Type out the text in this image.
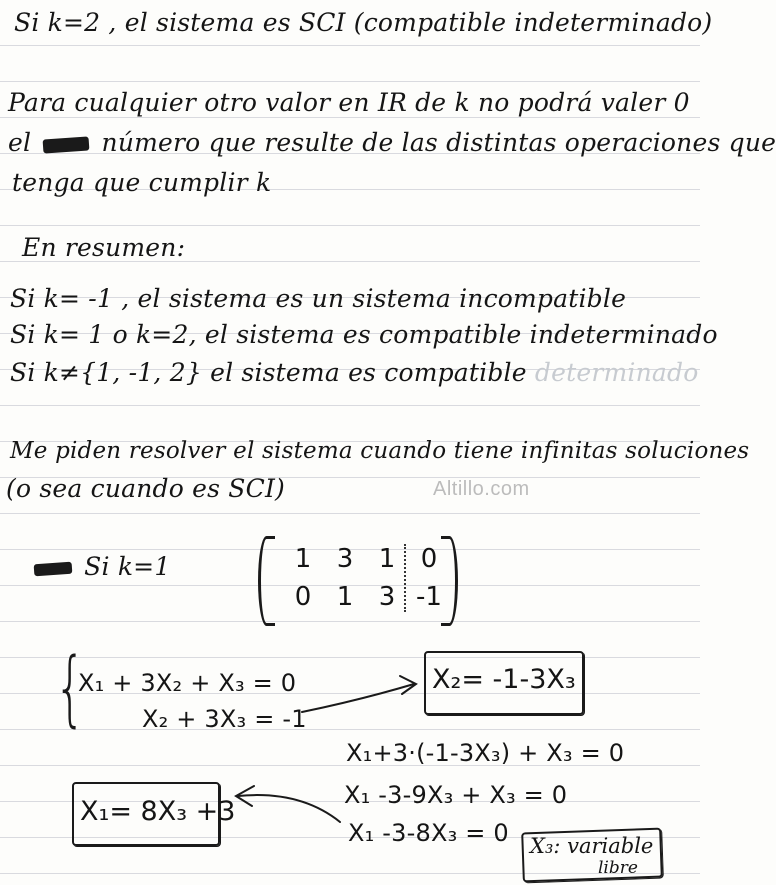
Si k=2 , el sistema es SCI (compatible indeterminado)
Para cualquier otro valor en IR de k no podrá valer 0
el	número que resulte de las distintas operaciones que
tenga que cumplir k
En resumen:
Si k= -1 , el sistema es un sistema incompatible
Si k= 1 o k=2, el sistema es compatible indeterminado
Si k≠{1, -1, 2} el sistema es compatible determinado
Me piden resolver el sistema cuando tiene infinitas soluciones
(o sea cuando es SCI)	Altillo.com
Si k=1	1 3 1 0
0 1 3 -1
{
X₁ + 3X₂ + X₃ = 0
X₂ + 3X₃ = -1
X₂= -1-3X₃
X₁+3·(-1-3X₃) + X₃ = 0
X₁ -3-9X₃ + X₃ = 0
X₁ -3-8X₃ = 0
X₁= 8X₃ +3
X₃: variable
libre
